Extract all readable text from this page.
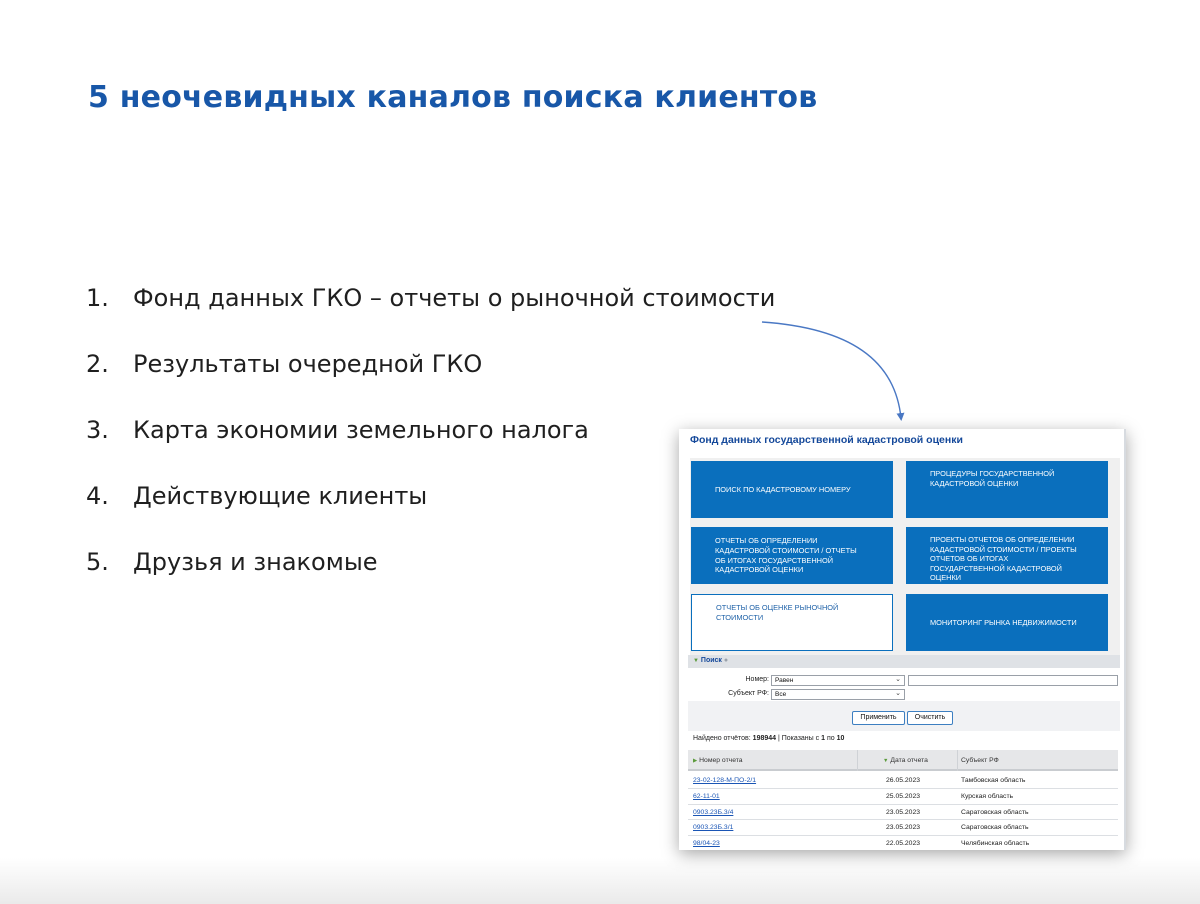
5 неочевидных каналов поиска клиентов
1.	Фонд данных ГКО – отчеты о рыночной стоимости
2.	Результаты очередной ГКО
3.	Карта экономии земельного налога
4.	Действующие клиенты
5.	Друзья и знакомые
Фонд данных государственной кадастровой оценки
ПОИСК ПО КАДАСТРОВОМУ НОМЕРУ
ПРОЦЕДУРЫ ГОСУДАРСТВЕННОЙ КАДАСТРОВОЙ ОЦЕНКИ
ОТЧЕТЫ ОБ ОПРЕДЕЛЕНИИ КАДАСТРОВОЙ СТОИМОСТИ / ОТЧЕТЫ ОБ ИТОГАХ ГОСУДАРСТВЕННОЙ КАДАСТРОВОЙ ОЦЕНКИ
ПРОЕКТЫ ОТЧЕТОВ ОБ ОПРЕДЕЛЕНИИ КАДАСТРОВОЙ СТОИМОСТИ / ПРОЕКТЫ ОТЧЕТОВ ОБ ИТОГАХ ГОСУДАРСТВЕННОЙ КАДАСТРОВОЙ ОЦЕНКИ
ОТЧЕТЫ ОБ ОЦЕНКЕ РЫНОЧНОЙ СТОИМОСТИ
МОНИТОРИНГ РЫНКА НЕДВИЖИМОСТИ
▼ Поиск ●
Номер: Равен	⌄
Субъект РФ: Все	⌄
Применить	Очистить
Найдено отчётов: 198944 | Показаны с 1 по 10
▶ Номер отчета	▼ Дата отчета	Субъект РФ
23-02-128-М-ПО-2/1	26.05.2023	Тамбовская область
62-11-01	25.05.2023	Курская область
0903.23Б.3/4	23.05.2023	Саратовская область
0903.23Б.3/1	23.05.2023	Саратовская область
98/04-23	22.05.2023	Челябинская область
